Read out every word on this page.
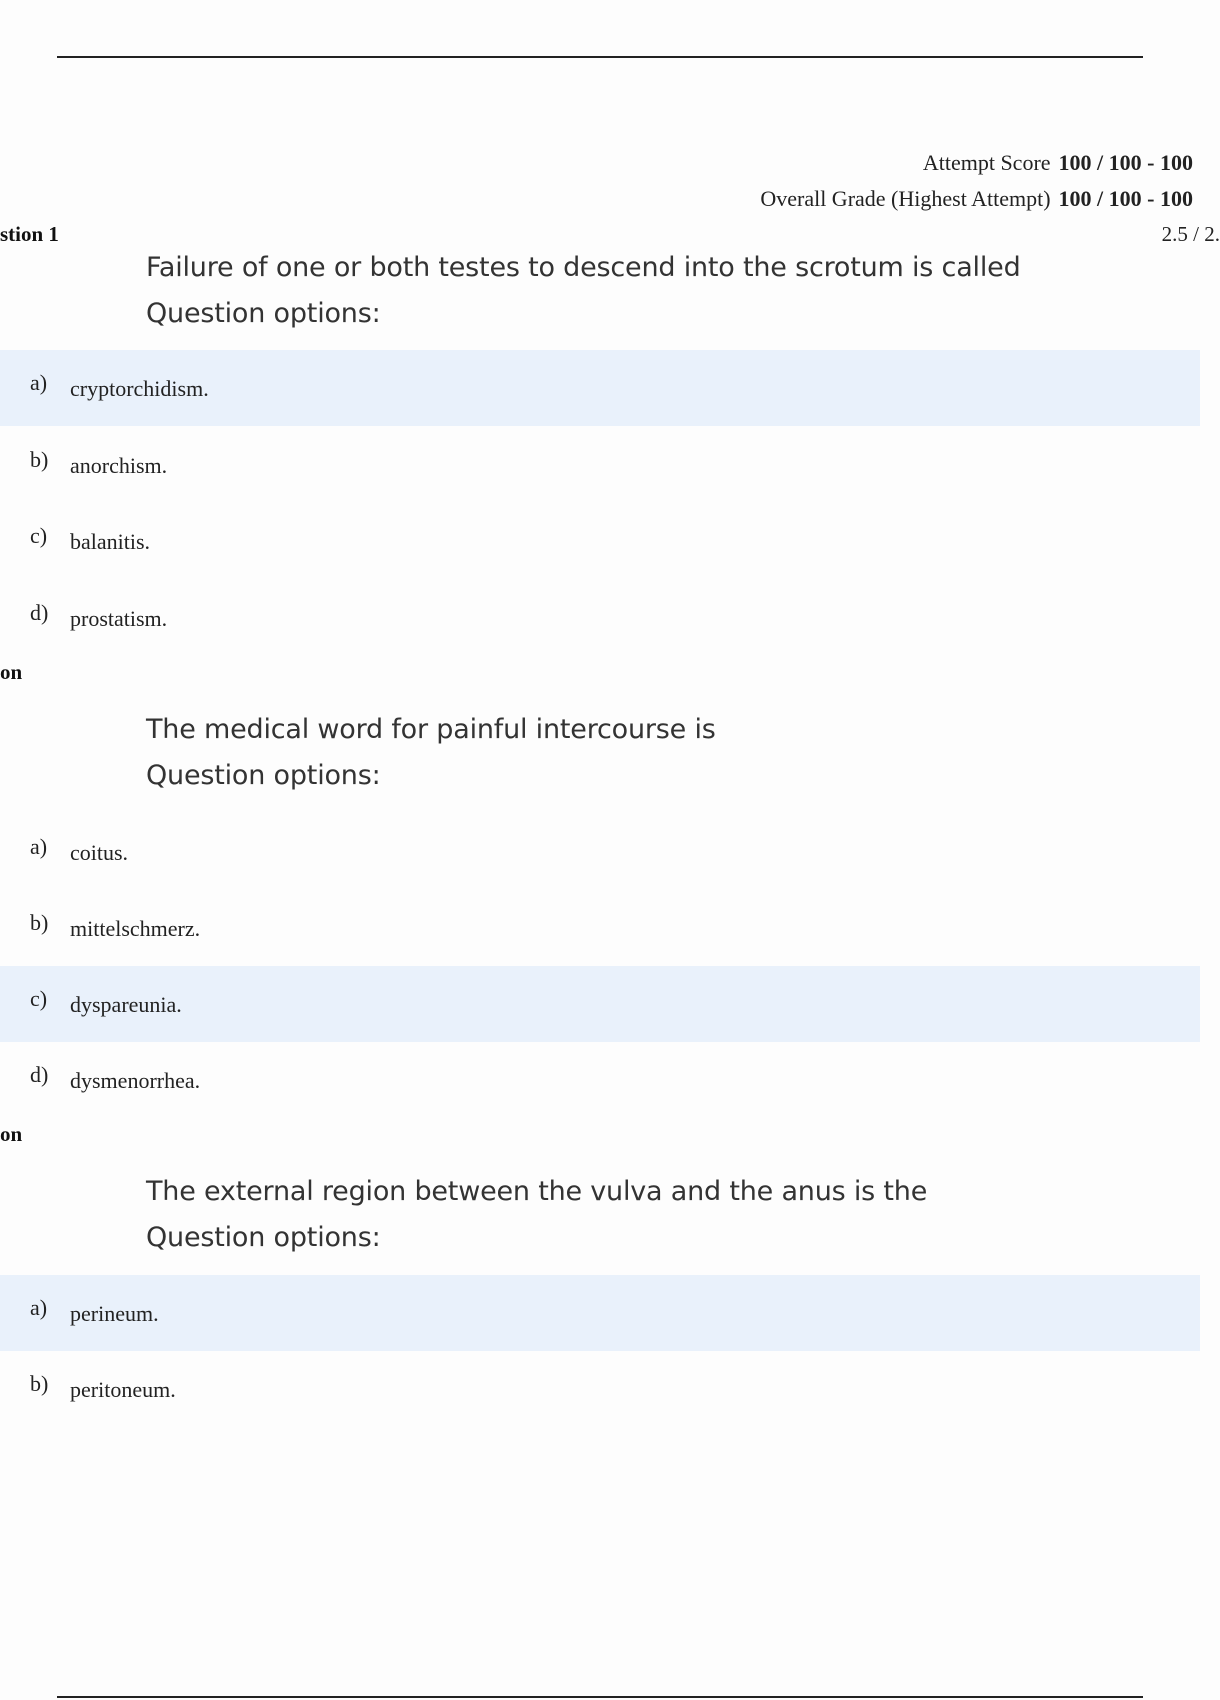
Attempt Score 100 / 100 - 100
Overall Grade (Highest Attempt) 100 / 100 - 100
stion 1	2.5 / 2.
Failure of one or both testes to descend into the scrotum is called
Question options:
a) cryptorchidism.
b) anorchism.
c) balanitis.
d) prostatism.
on
The medical word for painful intercourse is
Question options:
a) coitus.
b) mittelschmerz.
c) dyspareunia.
d) dysmenorrhea.
on
The external region between the vulva and the anus is the
Question options:
a) perineum.
b) peritoneum.
